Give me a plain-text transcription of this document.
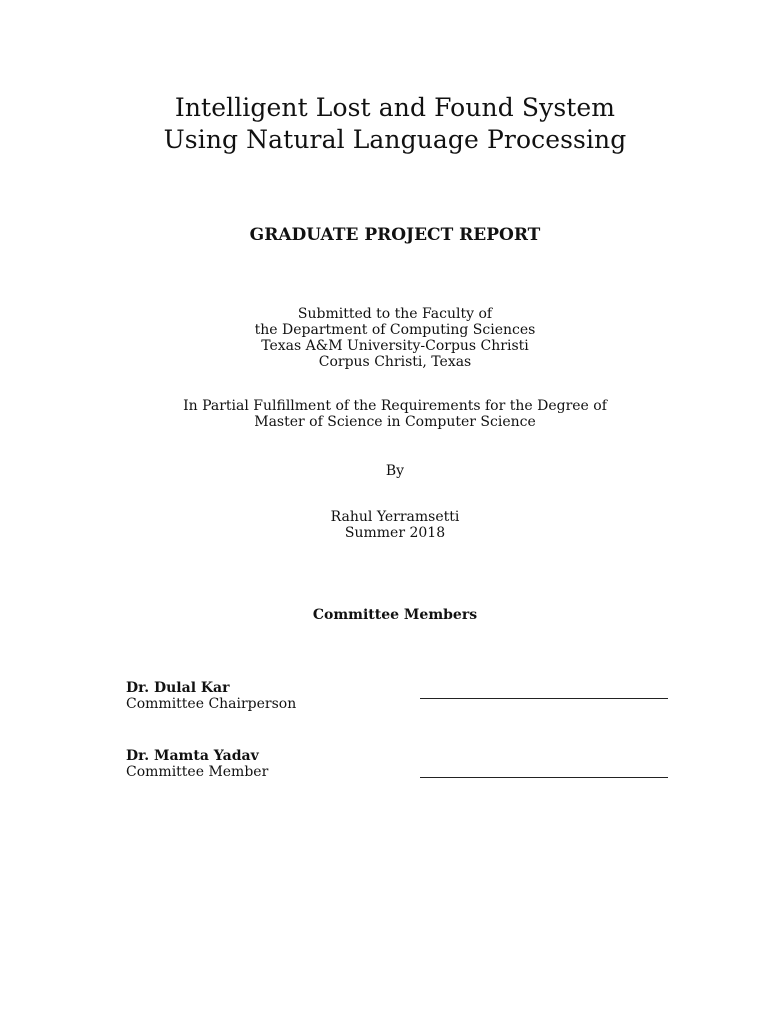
Intelligent Lost and Found System
Using Natural Language Processing
GRADUATE PROJECT REPORT
Submitted to the Faculty of
the Department of Computing Sciences
Texas A&M University-Corpus Christi
Corpus Christi, Texas
In Partial Fulfillment of the Requirements for the Degree of
Master of Science in Computer Science
By
Rahul Yerramsetti
Summer 2018
Committee Members
Dr. Dulal Kar
Committee Chairperson
Dr. Mamta Yadav
Committee Member
